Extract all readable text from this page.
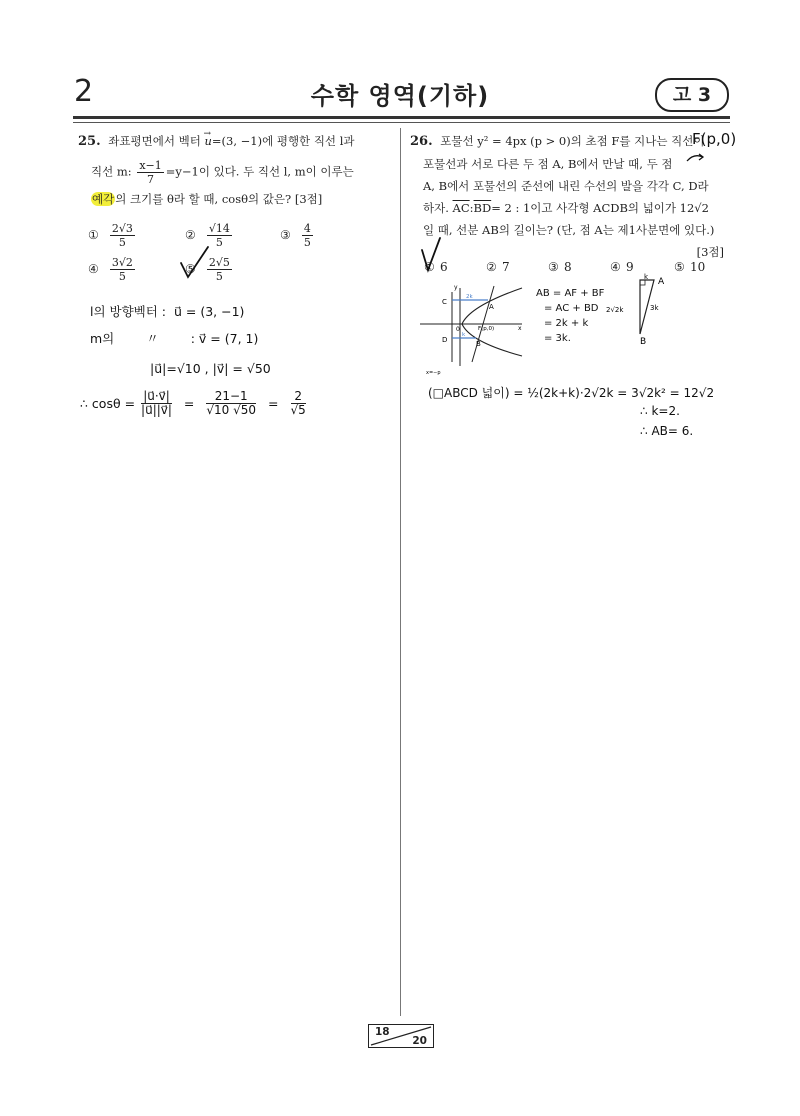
2	수학 영역(기하)	고 3
25. 좌표평면에서 벡터 → u=(3, −1)에 평행한 직선 l과
직선 m: $\frac{x-1}{7} =y-1$이 있다. 두 직선 l, m이 이루는
예각의 크기를 θ라 할 때, cosθ의 값은? [3점]
① $\frac{2√3}{5}$	② $\frac{√14}{5}$	③ $\frac{4}{5}$
④ $\frac{3√2}{5}$	⑤ $\frac{2√5}{5}$
l의 방향벡터 : u⃗ = (3, −1)
m의	〃	: v⃗ = (7, 1)
|u⃗|=√10 , |v⃗| = √50
∴ $\cos\theta = \frac{|u⃗\cdot v⃗|}{|u⃗||v⃗|} = \frac{21-1}{√10 √50} = \frac{2}{√5}$
26. 포물선 y² = 4px (p > 0)의 초점 F를 지나는 직선이
포물선과 서로 다른 두 점 A, B에서 만날 때, 두 점
A, B에서 포물선의 준선에 내린 수선의 발을 각각 C, D라
하자. $\overline{AC}:\overline{BD}= 2$ : 1이고 사각형 ACDB의 넓이가 12√2
일 때, 선분 AB의 길이는? (단, 점 A는 제1사분면에 있다.)
[3점]
F(p,0)
① 6	② 7	③ 8	④ 9	⑤ 10
C
D
A
B
F(p,0)
y
x
0
2k
k
x=−p
AB = AF + BF
= AC + BD
= 2k + k
= 3k.
k A
B
2√2k	3k
(□ABCD 넓이) = ½(2k+k)·2√2k = 3√2k² = 12√2
∴ k=2.
∴ AB= 6.
18
20
